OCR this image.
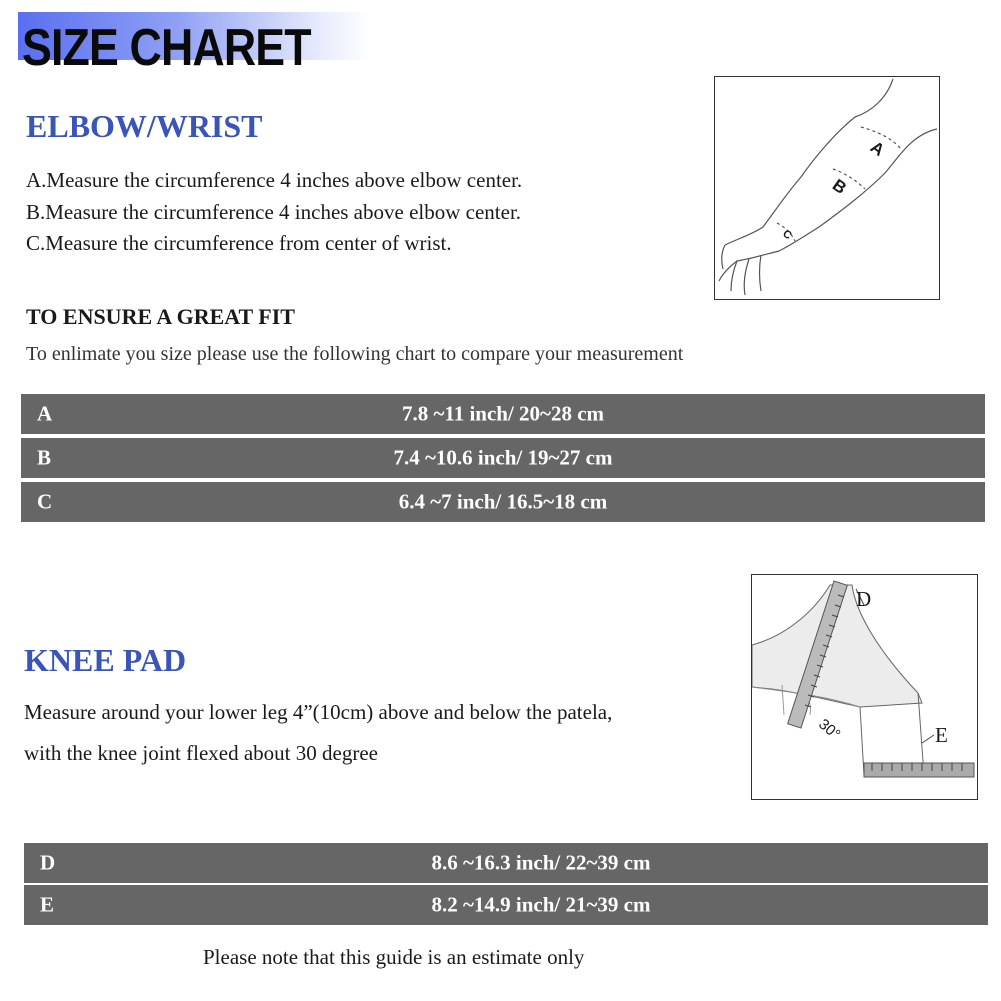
SIZE CHARET
ELBOW/WRIST
A.Measure the circumference 4 inches above elbow center.
B.Measure the circumference 4 inches above elbow center.
C.Measure the circumference from center of wrist.
A
B
C
TO ENSURE A GREAT FIT
To enlimate you size please use the following chart to compare your measurement
A	7.8 ~11 inch/ 20~28 cm
B	7.4 ~10.6 inch/ 19~27 cm
C	6.4 ~7 inch/ 16.5~18 cm
KNEE PAD
Measure around your lower leg 4”(10cm) above and below the patela,
with the knee joint flexed about 30 degree
D
E
30°
D	8.6 ~16.3 inch/ 22~39 cm
E	8.2 ~14.9 inch/ 21~39 cm
Please note that this guide is an estimate only
